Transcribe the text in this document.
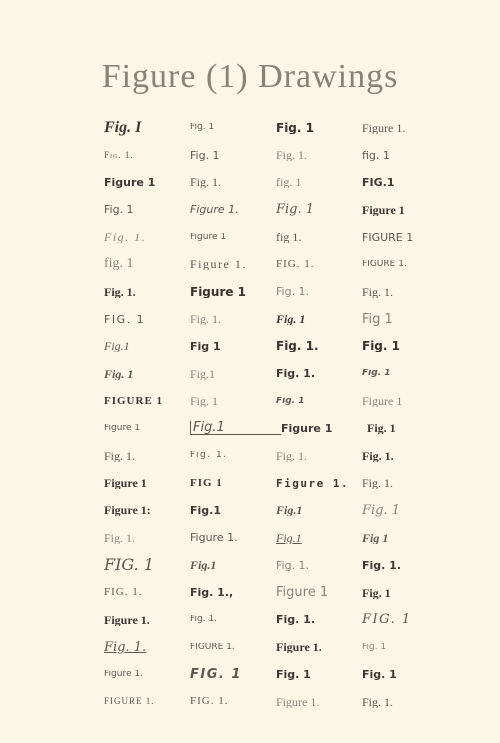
Figure (1) Drawings
Fig. I	Fig. 1	Fig. 1	Figure 1.
Fig. 1.	Fig. 1	Fig. 1.	fig. 1
Figure 1	Fig. 1.	fig. 1	FIG.1
Fig. 1	Figure 1.	Fig. 1	Figure 1
Fig. 1.	Figure 1	fig 1.	FIGURE 1
fig. 1	Figure 1.	FIG. 1.	FIGURE 1.
Fig. 1.	Figure 1	Fig. 1.	Fig. 1.
FIG. 1	Fig. 1.	Fig. 1	Fig 1
Fig.1	Fig 1	Fig. 1.	Fig. 1
Fig. 1	Fig.1	Fig. 1.	Fig. 1
FIGURE 1	Fig. 1	Fig. 1	Figure 1
Figure 1	Fig.1	Figure 1	Fig. 1
Fig. 1.	Fig. 1.	Fig. 1.	Fig. 1.
Figure 1	FIG 1	Figure 1.	Fig. 1.
Figure 1:	Fig.1	Fig.1	Fig. 1
Fig. 1.	Figure 1.	Fig.1	Fig 1
FIG. 1	Fig.1	Fig. 1.	Fig. 1.
FIG. 1.	Fig. 1.,	Figure 1	Fig. 1
Figure 1.	Fig. 1.	Fig. 1.	FIG. 1
Fig. 1.	FIGURE 1.	Figure 1.	Fig. 1
Figure 1.	FIG. 1	Fig. 1	Fig. 1
FIGURE 1.	FIG. 1.	Figure 1.	Fig. 1.
